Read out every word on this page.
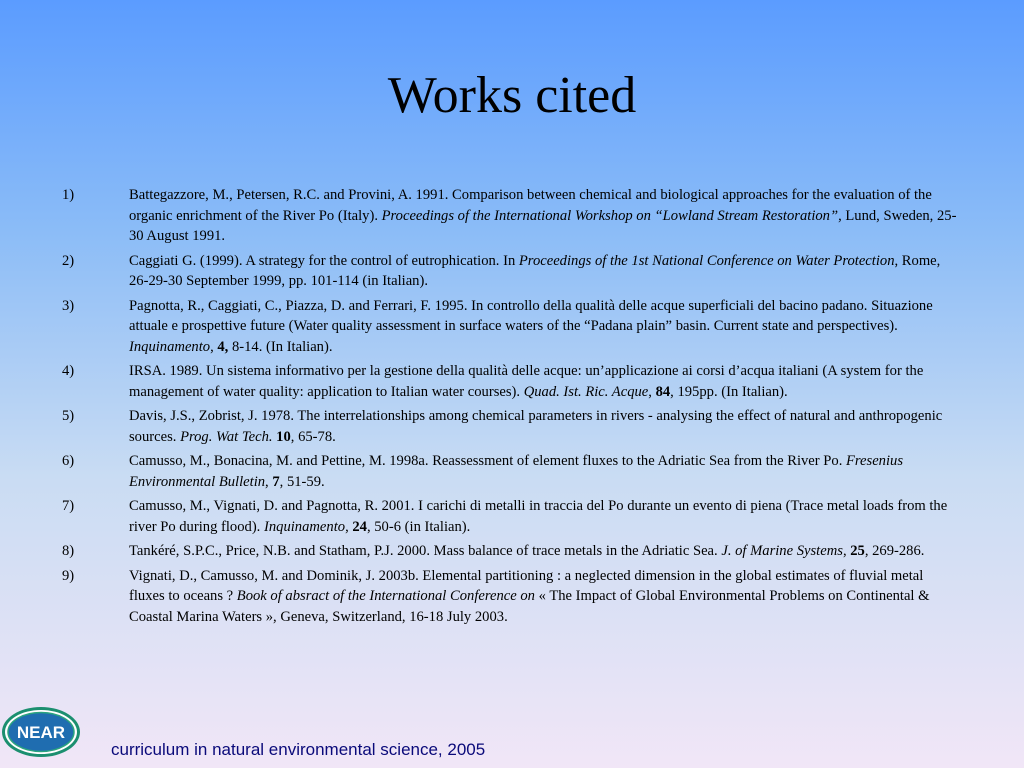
Works cited
1)	Battegazzore, M., Petersen, R.C. and Provini, A. 1991. Comparison between chemical and biological approaches for the evaluation of the organic enrichment of the River Po (Italy). Proceedings of the International Workshop on “Lowland Stream Restoration”, Lund, Sweden, 25-30 August 1991.
2)	Caggiati G. (1999). A strategy for the control of eutrophication. In Proceedings of the 1st National Conference on Water Protection, Rome, 26-29-30 September 1999, pp. 101-114 (in Italian).
3)	Pagnotta, R., Caggiati, C., Piazza, D. and Ferrari, F. 1995. In controllo della qualità delle acque superficiali del bacino padano. Situazione attuale e prospettive future (Water quality assessment in surface waters of the “Padana plain” basin. Current state and perspectives). Inquinamento, 4, 8-14. (In Italian).
4)	IRSA. 1989. Un sistema informativo per la gestione della qualità delle acque: un’applicazione ai corsi d’acqua italiani (A system for the management of water quality: application to Italian water courses). Quad. Ist. Ric. Acque, 84, 195pp. (In Italian).
5)	Davis, J.S., Zobrist, J. 1978. The interrelationships among chemical parameters in rivers - analysing the effect of natural and anthropogenic sources. Prog. Wat Tech. 10, 65-78.
6)	Camusso, M., Bonacina, M. and Pettine, M. 1998a. Reassessment of element fluxes to the Adriatic Sea from the River Po. Fresenius Environmental Bulletin, 7, 51-59.
7)	Camusso, M., Vignati, D. and Pagnotta, R. 2001. I carichi di metalli in traccia del Po durante un evento di piena (Trace metal loads from the river Po during flood). Inquinamento, 24, 50-6 (in Italian).
8)	Tankéré, S.P.C., Price, N.B. and Statham, P.J. 2000. Mass balance of trace metals in the Adriatic Sea. J. of Marine Systems, 25, 269-286.
9)	Vignati, D., Camusso, M. and Dominik, J. 2003b. Elemental partitioning : a neglected dimension in the global estimates of fluvial metal fluxes to oceans ? Book of absract of the International Conference on « The Impact of Global Environmental Problems on Continental & Coastal Marina Waters », Geneva, Switzerland, 16-18 July 2003.
NEAR
curriculum in natural environmental science, 2005
